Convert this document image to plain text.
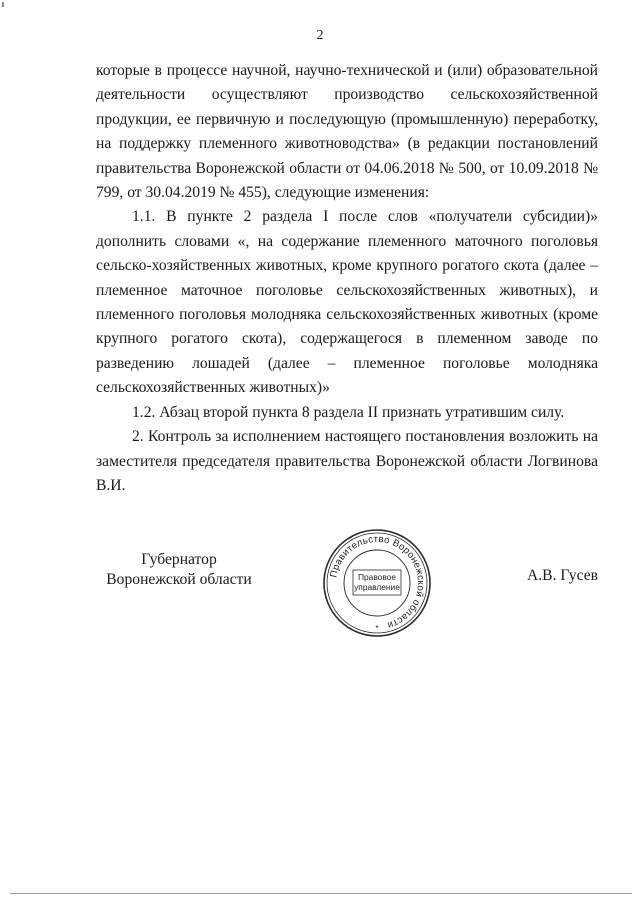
2

которые в процессе научной, научно-технической и (или) образовательной деятельности осуществляют производство сельскохозяйственной продукции, ее первичную и последующую (промышленную) переработку, на поддержку племенного животноводства» (в редакции постановлений правительства Воронежской области от 04.06.2018 № 500, от 10.09.2018 № 799, от 30.04.2019 № 455), следующие изменения:

1.1. В пункте 2 раздела I после слов «получатели субсидии)» дополнить словами «, на содержание племенного маточного поголовья сельско-хозяйственных животных, кроме крупного рогатого скота (далее – племенное маточное поголовье сельскохозяйственных животных), и племенного поголовья молодняка сельскохозяйственных животных (кроме крупного рогатого скота), содержащегося в племенном заводе по разведению лошадей (далее – племенное поголовье молодняка сельскохозяйственных животных)»

1.2. Абзац второй пункта 8 раздела II признать утратившим силу.

2. Контроль за исполнением настоящего постановления возложить на заместителя председателя правительства Воронежской области Логвинова В.И.

Губернатор
Воронежской области	Правительство Воронежской области
Правовое
управление
*
А.В. Гусев
